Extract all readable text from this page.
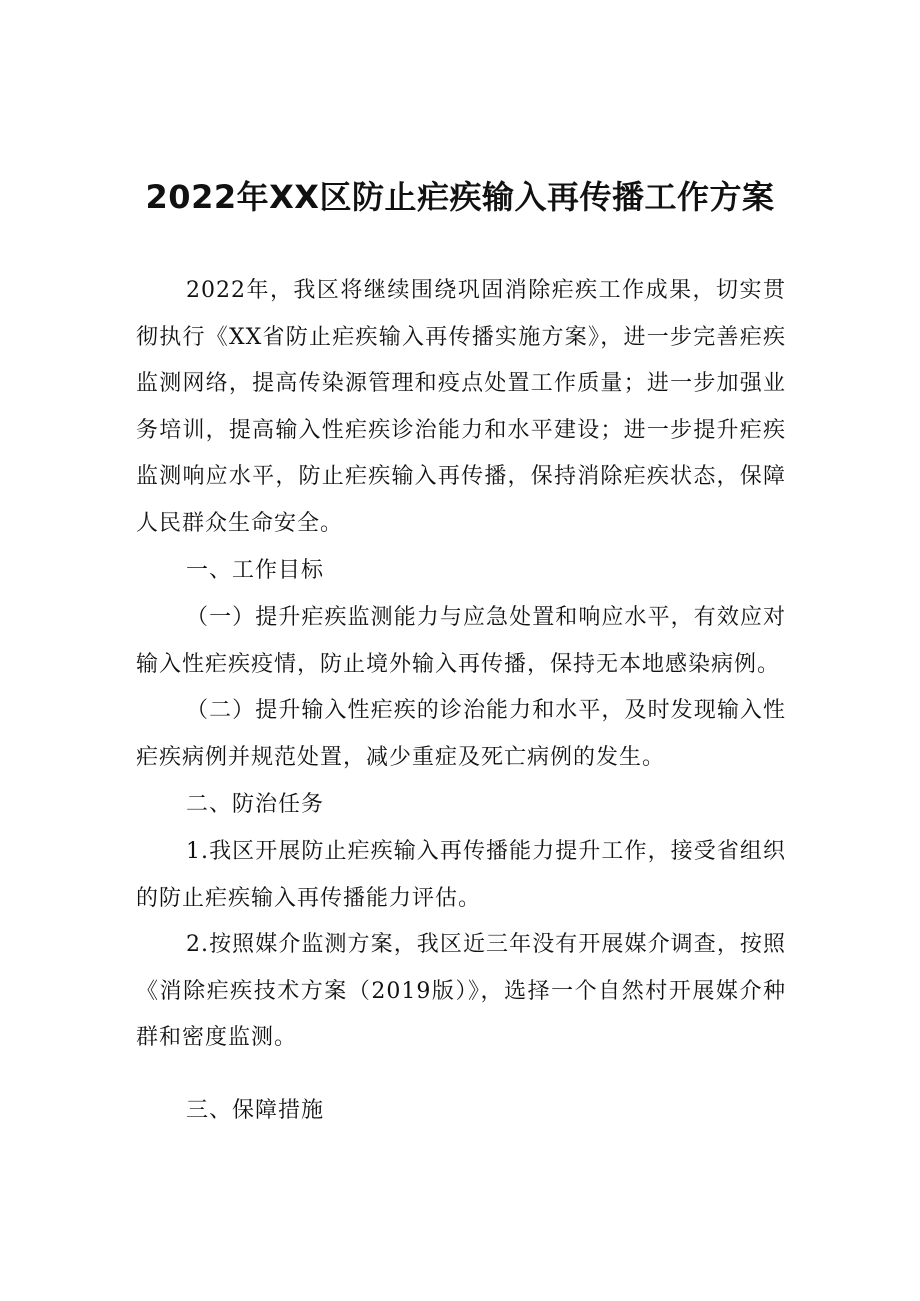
2022年XX区防止疟疾输入再传播工作方案

2022年，我区将继续围绕巩固消除疟疾工作成果，切实贯彻执行《XX省防止疟疾输入再传播实施方案》，进一步完善疟疾监测网络，提高传染源管理和疫点处置工作质量；进一步加强业务培训，提高输入性疟疾诊治能力和水平建设；进一步提升疟疾监测响应水平，防止疟疾输入再传播，保持消除疟疾状态，保障人民群众生命安全。

一、工作目标

（一）提升疟疾监测能力与应急处置和响应水平，有效应对输入性疟疾疫情，防止境外输入再传播，保持无本地感染病例。

（二）提升输入性疟疾的诊治能力和水平，及时发现输入性疟疾病例并规范处置，减少重症及死亡病例的发生。

二、防治任务

1.我区开展防止疟疾输入再传播能力提升工作，接受省组织的防止疟疾输入再传播能力评估。

2.按照媒介监测方案，我区近三年没有开展媒介调查，按照《消除疟疾技术方案（2019版）》，选择一个自然村开展媒介种群和密度监测。

三、保障措施
